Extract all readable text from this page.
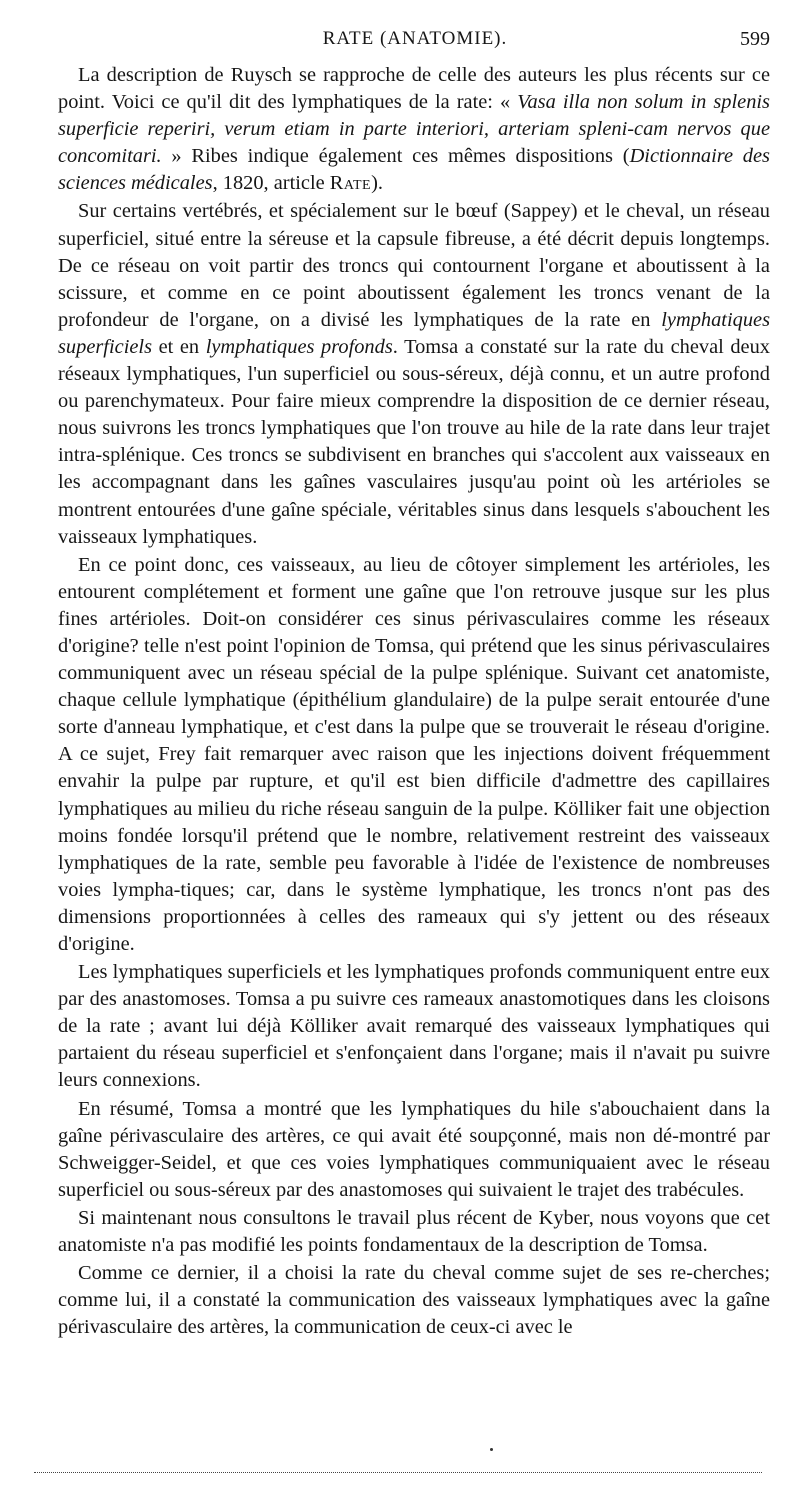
RATE (ANATOMIE).	599

La description de Ruysch se rapproche de celle des auteurs les plus récents sur ce point. Voici ce qu'il dit des lymphatiques de la rate: « Vasa illa non solum in splenis superficie reperiri, verum etiam in parte interiori, arteriam spleni-cam nervos que concomitari. » Ribes indique également ces mêmes dispositions (Dictionnaire des sciences médicales, 1820, article Rate).

Sur certains vertébrés, et spécialement sur le bœuf (Sappey) et le cheval, un réseau superficiel, situé entre la séreuse et la capsule fibreuse, a été décrit depuis longtemps. De ce réseau on voit partir des troncs qui contournent l'organe et aboutissent à la scissure, et comme en ce point aboutissent également les troncs venant de la profondeur de l'organe, on a divisé les lymphatiques de la rate en lymphatiques superficiels et en lymphatiques profonds. Tomsa a constaté sur la rate du cheval deux réseaux lymphatiques, l'un superficiel ou sous-séreux, déjà connu, et un autre profond ou parenchymateux. Pour faire mieux comprendre la disposition de ce dernier réseau, nous suivrons les troncs lymphatiques que l'on trouve au hile de la rate dans leur trajet intra-splénique. Ces troncs se subdivisent en branches qui s'accolent aux vaisseaux en les accompagnant dans les gaînes vasculaires jusqu'au point où les artérioles se montrent entourées d'une gaîne spéciale, véritables sinus dans lesquels s'abouchent les vaisseaux lymphatiques.

En ce point donc, ces vaisseaux, au lieu de côtoyer simplement les artérioles, les entourent complétement et forment une gaîne que l'on retrouve jusque sur les plus fines artérioles. Doit-on considérer ces sinus périvasculaires comme les réseaux d'origine? telle n'est point l'opinion de Tomsa, qui prétend que les sinus périvasculaires communiquent avec un réseau spécial de la pulpe splénique. Suivant cet anatomiste, chaque cellule lymphatique (épithélium glandulaire) de la pulpe serait entourée d'une sorte d'anneau lymphatique, et c'est dans la pulpe que se trouverait le réseau d'origine. A ce sujet, Frey fait remarquer avec raison que les injections doivent fréquemment envahir la pulpe par rupture, et qu'il est bien difficile d'admettre des capillaires lymphatiques au milieu du riche réseau sanguin de la pulpe. Kölliker fait une objection moins fondée lorsqu'il prétend que le nombre, relativement restreint des vaisseaux lymphatiques de la rate, semble peu favorable à l'idée de l'existence de nombreuses voies lympha-tiques; car, dans le système lymphatique, les troncs n'ont pas des dimensions proportionnées à celles des rameaux qui s'y jettent ou des réseaux d'origine.

Les lymphatiques superficiels et les lymphatiques profonds communiquent entre eux par des anastomoses. Tomsa a pu suivre ces rameaux anastomotiques dans les cloisons de la rate ; avant lui déjà Kölliker avait remarqué des vaisseaux lymphatiques qui partaient du réseau superficiel et s'enfonçaient dans l'organe; mais il n'avait pu suivre leurs connexions.

En résumé, Tomsa a montré que les lymphatiques du hile s'abouchaient dans la gaîne périvasculaire des artères, ce qui avait été soupçonné, mais non dé-montré par Schweigger-Seidel, et que ces voies lymphatiques communiquaient avec le réseau superficiel ou sous-séreux par des anastomoses qui suivaient le trajet des trabécules.

Si maintenant nous consultons le travail plus récent de Kyber, nous voyons que cet anatomiste n'a pas modifié les points fondamentaux de la description de Tomsa.

Comme ce dernier, il a choisi la rate du cheval comme sujet de ses re-cherches; comme lui, il a constaté la communication des vaisseaux lymphatiques avec la gaîne périvasculaire des artères, la communication de ceux-ci avec le
